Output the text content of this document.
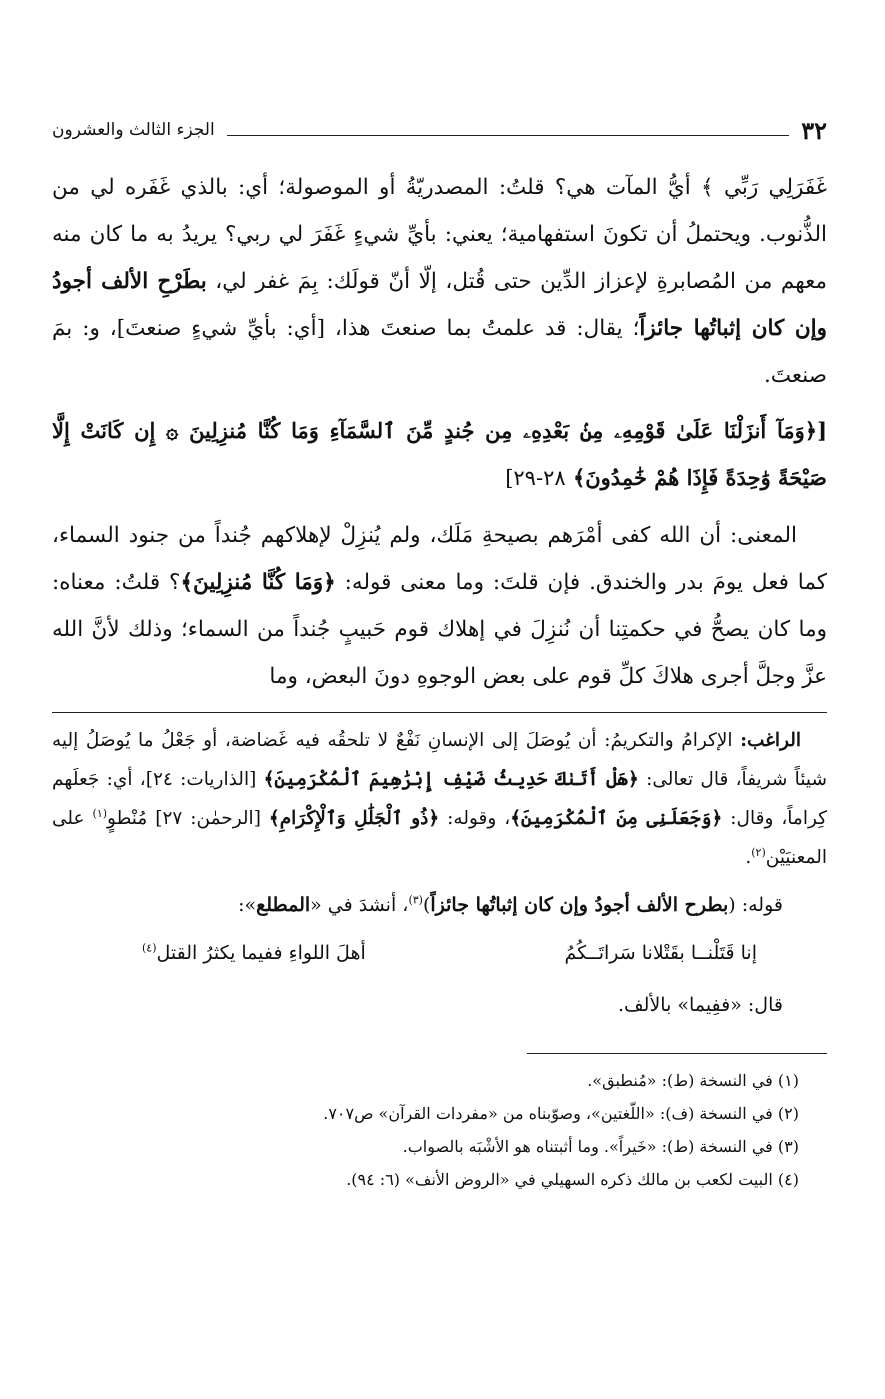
٣٢
الجزء الثالث والعشرون

غَفَرَلِي رَبِّي ﴾ أيُّ المآت هي؟ قلتُ: المصدريّةُ أو الموصولة؛ أي: بالذي غَفَره لي من الذُّنوب. ويحتملُ أن تكونَ استفهامية؛ يعني: بأيِّ شيءٍ غَفَرَ لي ربي؟ يريدُ به ما كان منه معهم من المُصابرةِ لإعزاز الدِّين حتى قُتل، إلّا أنّ قولَك: بِمَ غفر لي، بطَرْحِ الألف أجودُ وإن كان إثباتُها جائزاً؛ يقال: قد علمتُ بما صنعتَ هذا، [أي: بأيِّ شيءٍ صنعتَ]، و: بمَ صنعتَ.

[﴿وَمَآ أَنزَلْنَا عَلَىٰ قَوْمِهِۦ مِنۢ بَعْدِهِۦ مِن جُندٍ مِّنَ ٱلسَّمَآءِ وَمَا كُنَّا مُنزِلِينَ ۞ إِن كَانَتْ إِلَّا صَيْحَةً وَٰحِدَةً فَإِذَا هُمْ خَٰمِدُونَ﴾ ٢٨-٢٩]

المعنى: أن الله كفى أمْرَهم بصيحةِ مَلَك، ولم يُنزِلْ لإهلاكهم جُنداً من جنود السماء، كما فعل يومَ بدر والخندق. فإن قلتَ: وما معنى قوله: ﴿وَمَا كُنَّا مُنزِلِينَ﴾؟ قلتُ: معناه: وما كان يصحُّ في حكمتِنا أن نُنزِلَ في إهلاك قوم حَبيبٍ جُنداً من السماء؛ وذلك لأنَّ الله عزَّ وجلَّ أجرى هلاكَ كلِّ قوم على بعض الوجوهِ دونَ البعض، وما

الراغب: الإكرامُ والتكريمُ: أن يُوصَلَ إلى الإنسانِ نَفْعٌ لا تلحقُه فيه غَضاضة، أو جَعْلُ ما يُوصَلُ إليه شيئاً شريفاً، قال تعالى: ﴿هَلْ أَتَىٰكَ حَدِيثُ ضَيْفِ إِبْرَٰهِيمَ ٱلْمُكْرَمِينَ﴾ [الذاريات: ٢٤]، أي: جَعلَهم كِراماً، وقال: ﴿وَجَعَلَنِى مِنَ ٱلْمُكْرَمِينَ﴾، وقوله: ﴿ذُو ٱلْجَلَٰلِ وَٱلْإِكْرَامِ﴾ [الرحمٰن: ٢٧] مُنْطوٍ$^{(١)}$ على المعنيَيْن$^{(٢)}$.
قوله: (بطرح الألف أجودُ وإن كان إثباتُها جائزاً)$^{(٣)}$، أنشدَ في «المطلع»:
إنا قَتَلْنــا بقَتْلانا سَراتَــكُمُ
أهلَ اللواءِ ففيما يكثرُ القتل$^{(٤)}$
قال: «ففِيما» بالألف.

(١) في النسخة (ط): «مُنطبق».

(٢) في النسخة (ف): «اللّغتين»، وصوّبناه من «مفردات القرآن» ص٧٠٧.

(٣) في النسخة (ط): «خَيراً». وما أثبتناه هو الأشْبَه بالصواب.

(٤) البيت لكعب بن مالك ذكره السهيلي في «الروض الأنف» (٦: ٩٤).
